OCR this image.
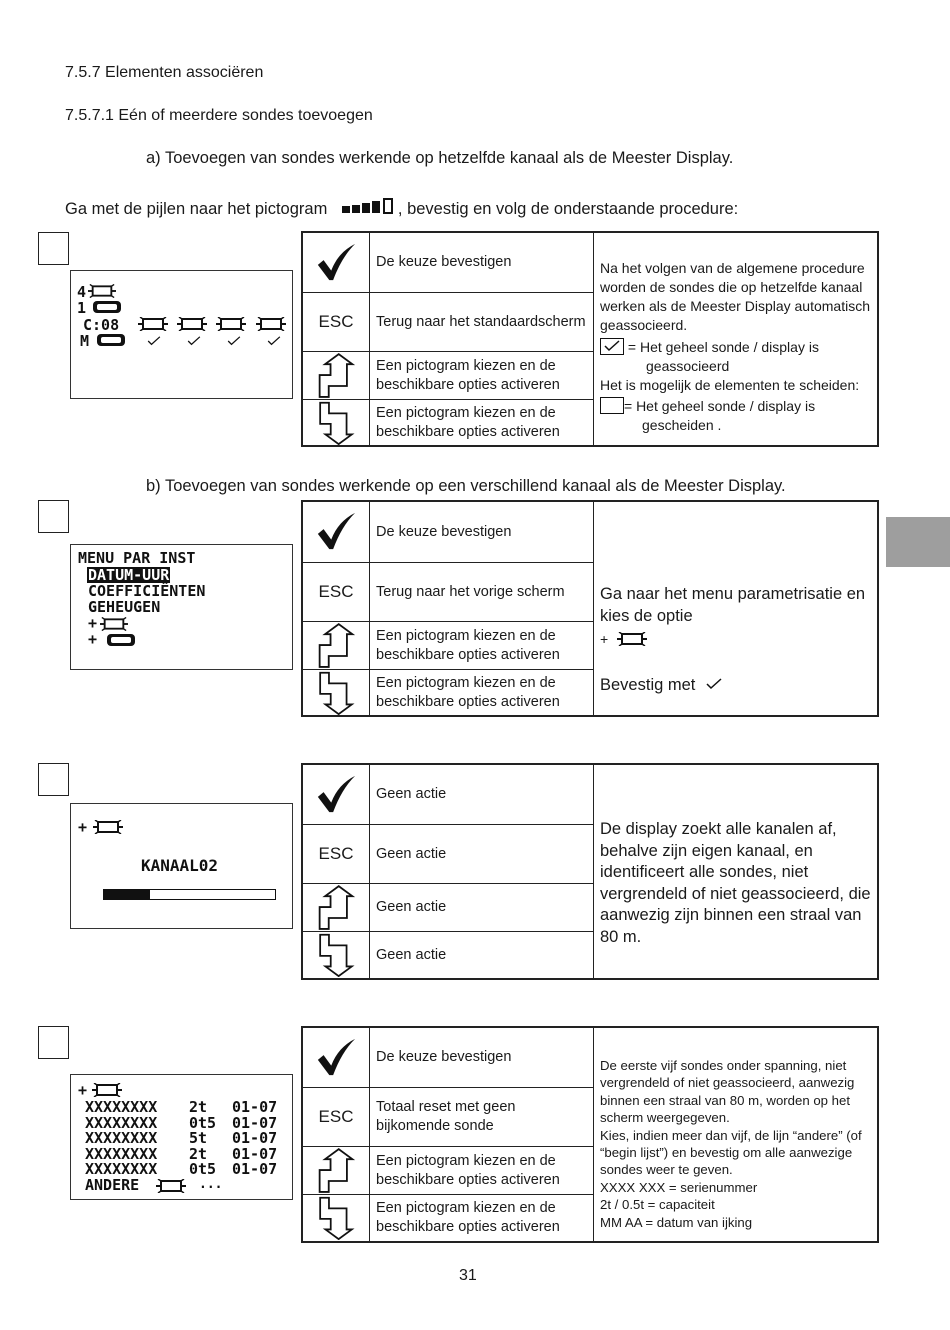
7.5.7 Elementen associëren
7.5.7.1 Eén of meerdere sondes toevoegen
a) Toevoegen van sondes werkende op hetzelfde kanaal als de Meester Display.
Ga met de pijlen naar het pictogram	, bevestig en volg de onderstaande procedure:
4
1
C:08
M
De keuze bevestigen
ESC Terug naar het standaardscherm
Een pictogram kiezen en de beschikbare opties activeren
Een pictogram kiezen en de beschikbare opties activeren
Na het volgen van de algemene procedure worden de sondes die op hetzelfde kanaal werken als de Meester Display automatisch geassocieerd.
= Het geheel sonde / display is
geassocieerd
Het is mogelijk de elementen te scheiden:
= Het geheel sonde / display is
gescheiden .
b) Toevoegen van sondes werkende op een verschillend kanaal als de Meester Display.
MENU PAR INST
DATUM-UUR
COEFFICIËNTEN
GEHEUGEN
+
+
De keuze bevestigen
ESC Terug naar het vorige scherm
Een pictogram kiezen en de beschikbare opties activeren
Een pictogram kiezen en de beschikbare opties activeren
Ga naar het menu parametrisatie en kies de optie
+
Bevestig met
+
KANAAL02
Geen actie
ESC Geen actie
Geen actie
Geen actie
De display zoekt alle kanalen af, behalve zijn eigen kanaal, en identificeert alle sondes, niet vergrendeld of niet geassocieerd, die aanwezig zijn binnen een straal van 80 m.
+
XXXXXXXX 2t 01-07
XXXXXXXX 0t5 01-07
XXXXXXXX 5t 01-07
XXXXXXXX 2t 01-07
XXXXXXXX 0t5 01-07
ANDERE	...
De keuze bevestigen
ESC Totaal reset met geen bijkomende sonde
Een pictogram kiezen en de beschikbare opties activeren
Een pictogram kiezen en de beschikbare opties activeren
De eerste vijf sondes onder spanning, niet vergrendeld of niet geassocieerd, aanwezig binnen een straal van 80 m, worden op het scherm weergegeven.
Kies, indien meer dan vijf, de lijn “andere” (of “begin lijst”) en bevestig om alle aanwezige sondes weer te geven.
XXXX XXX = serienummer
2t / 0.5t = capaciteit
MM AA = datum van ijking
31
